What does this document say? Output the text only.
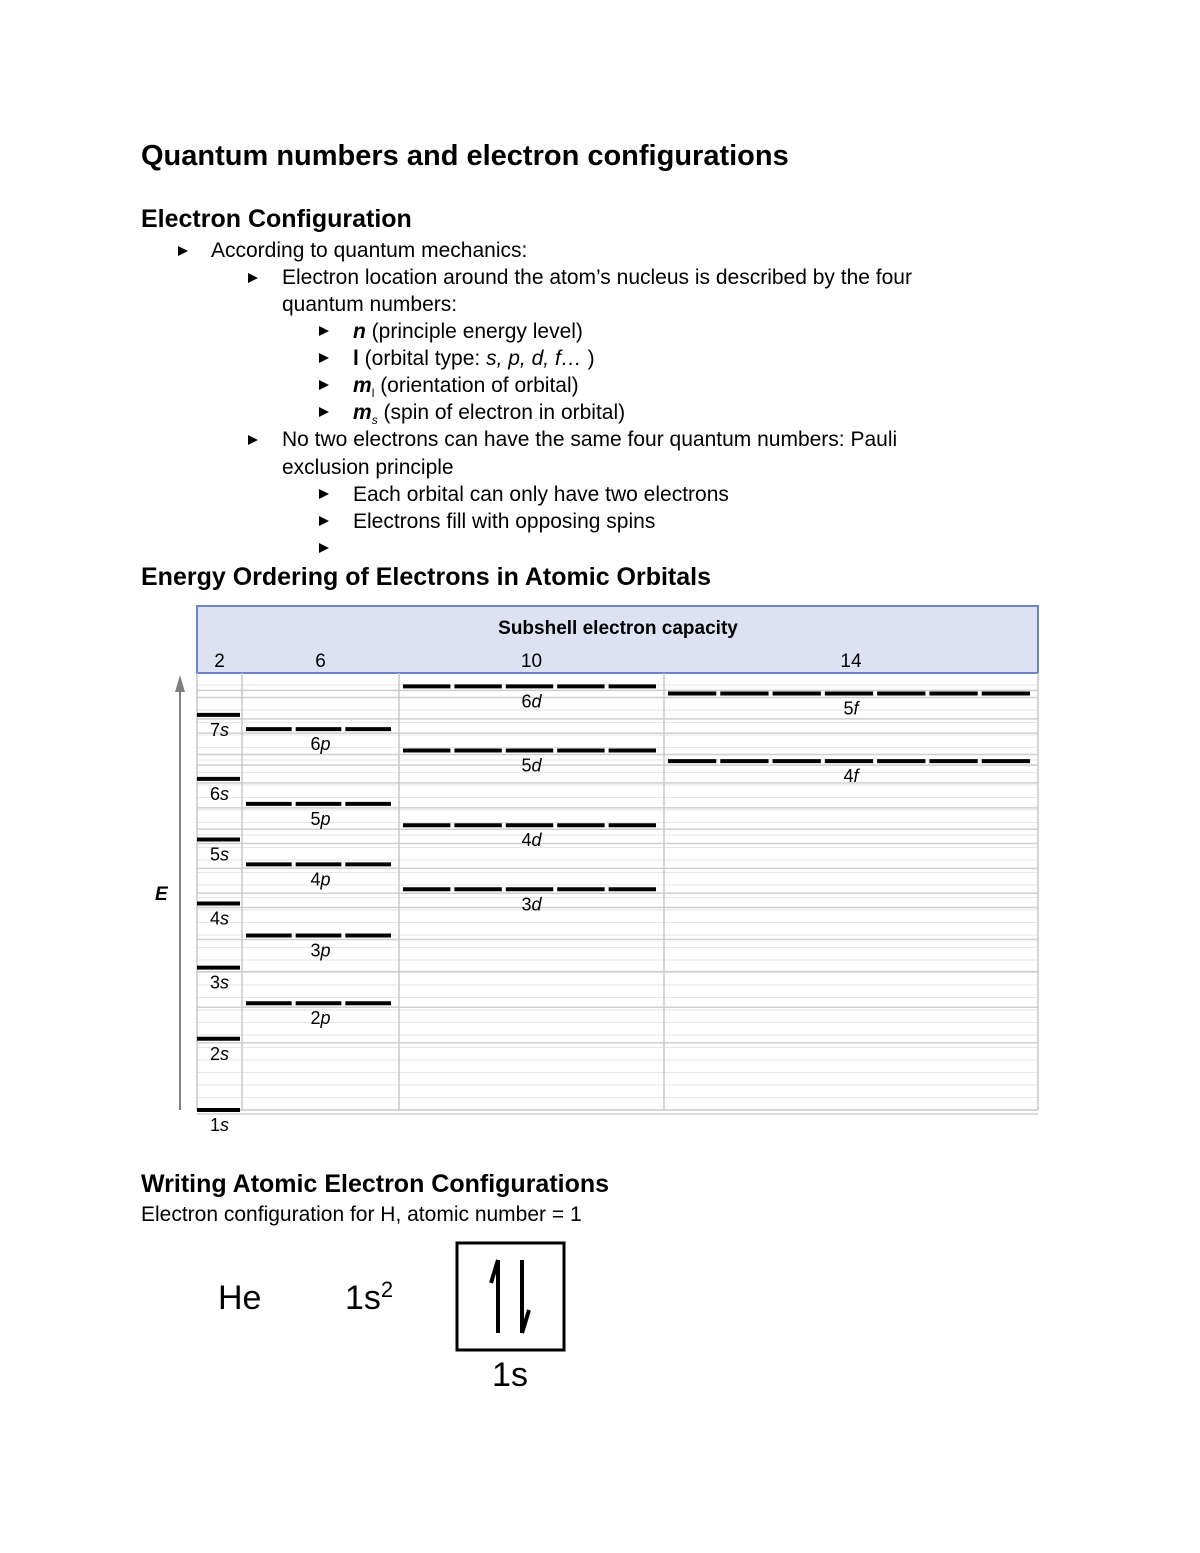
Quantum numbers and electron configurations
Electron Configuration
According to quantum mechanics:
Electron location around the atom’s nucleus is described by the four
quantum numbers:
n (principle energy level)
l (orbital type: s, p, d, f… )
$m_l$ (orientation of orbital)
$m_s$ (spin of electron in orbital)
No two electrons can have the same four quantum numbers: Pauli
exclusion principle
Each orbital can only have two electrons
Electrons fill with opposing spins
Energy Ordering of Electrons in Atomic Orbitals
Subshell electron capacity
2	6	10	14
E
1s
2s
2p
3s
3p
4s
3d
4p
5s
4d
5p
6s
4f
5d
6p
7s
5f
6d
Writing Atomic Electron Configurations
Electron configuration for H, atomic number = 1
He $1s^2$
1s
